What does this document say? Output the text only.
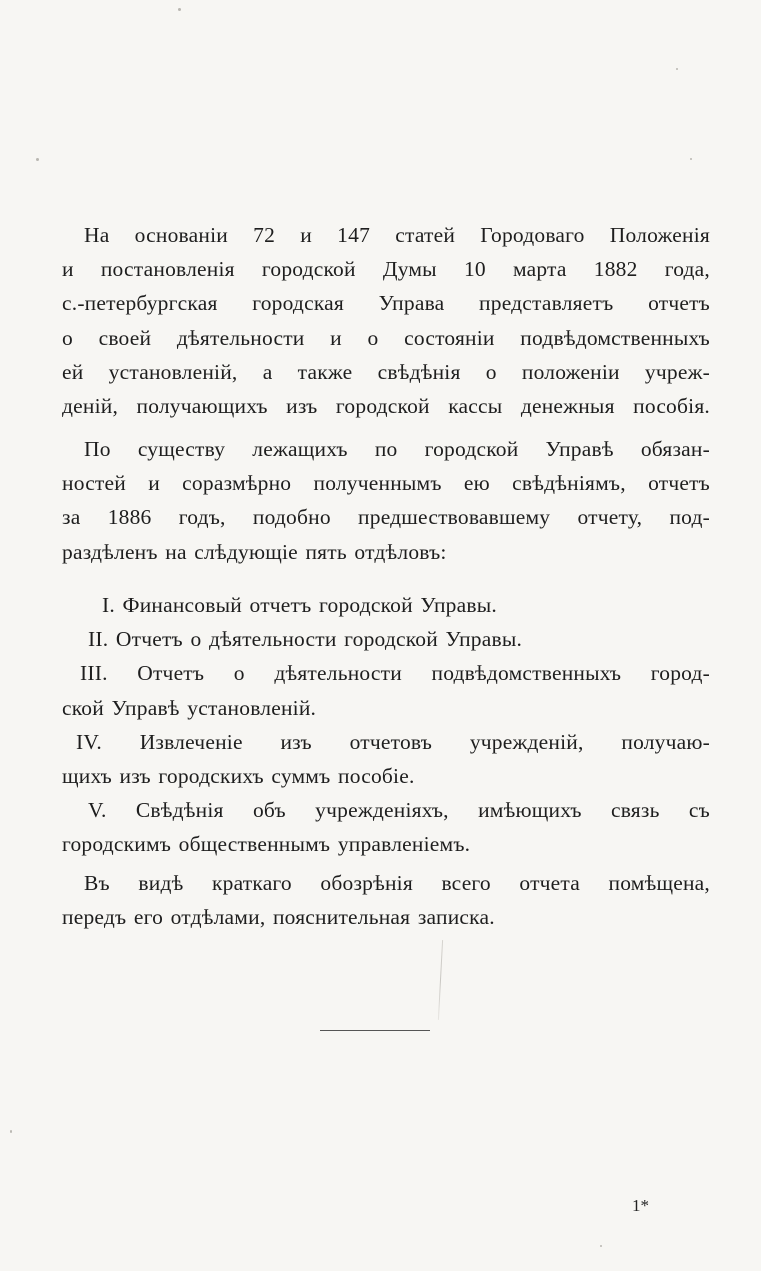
На основаніи 72 и 147 статей Городоваго Положенія
и постановленія городской Думы 10 марта 1882 года,
с.-петербургская городская Управа представляетъ отчетъ
о своей дѣятельности и о состояніи подвѣдомственныхъ
ей установленій, а также свѣдѣнія о положеніи учреж-
деній, получающихъ изъ городской кассы денежныя пособія.
По существу лежащихъ по городской Управѣ обязан-
ностей и соразмѣрно полученнымъ ею свѣдѣніямъ, отчетъ
за 1886 годъ, подобно предшествовавшему отчету, под-
раздѣленъ на слѣдующіе пять отдѣловъ:
I. Финансовый отчетъ городской Управы.
II. Отчетъ о дѣятельности городской Управы.
III. Отчетъ о дѣятельности подвѣдомственныхъ город-
ской Управѣ установленій.
IV. Извлеченіе изъ отчетовъ учрежденій, получаю-
щихъ изъ городскихъ суммъ пособіе.
V. Свѣдѣнія объ учрежденіяхъ, имѣющихъ связь съ
городскимъ общественнымъ управленіемъ.
Въ видѣ краткаго обозрѣнія всего отчета помѣщена,
передъ его отдѣлами, пояснительная записка.
1*
